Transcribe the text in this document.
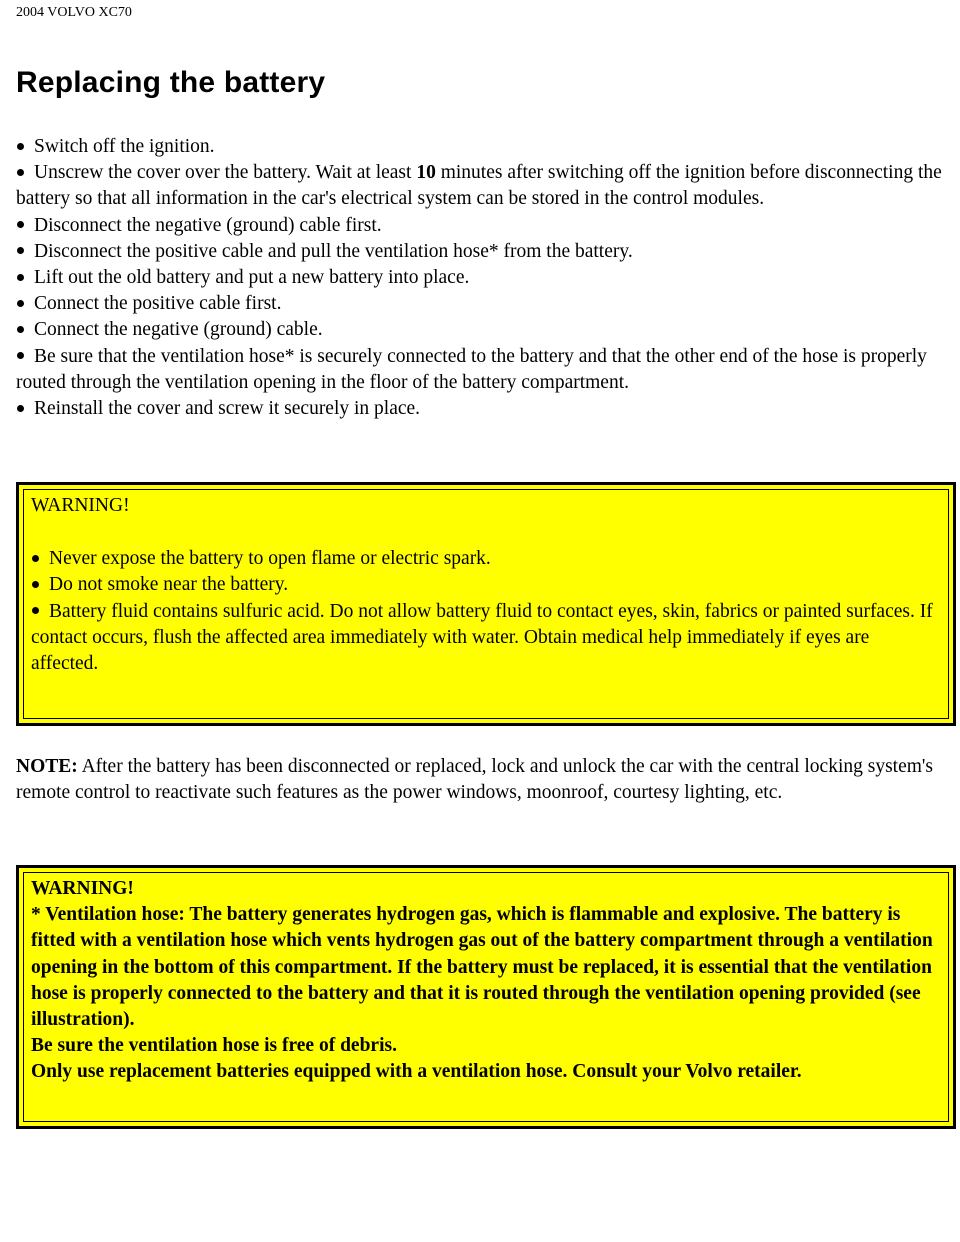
2004 VOLVO XC70
Replacing the battery
Switch off the ignition.
Unscrew the cover over the battery. Wait at least 10 minutes after switching off the ignition before disconnecting the battery so that all information in the car's electrical system can be stored in the control modules.
Disconnect the negative (ground) cable first.
Disconnect the positive cable and pull the ventilation hose* from the battery.
Lift out the old battery and put a new battery into place.
Connect the positive cable first.
Connect the negative (ground) cable.
Be sure that the ventilation hose* is securely connected to the battery and that the other end of the hose is properly routed through the ventilation opening in the floor of the battery compartment.
Reinstall the cover and screw it securely in place.
WARNING!
Never expose the battery to open flame or electric spark.
Do not smoke near the battery.
Battery fluid contains sulfuric acid. Do not allow battery fluid to contact eyes, skin, fabrics or painted surfaces. If contact occurs, flush the affected area immediately with water. Obtain medical help immediately if eyes are affected.
NOTE: After the battery has been disconnected or replaced, lock and unlock the car with the central locking system's remote control to reactivate such features as the power windows, moonroof, courtesy lighting, etc.
WARNING!
* Ventilation hose: The battery generates hydrogen gas, which is flammable and explosive. The battery is fitted with a ventilation hose which vents hydrogen gas out of the battery compartment through a ventilation opening in the bottom of this compartment. If the battery must be replaced, it is essential that the ventilation hose is properly connected to the battery and that it is routed through the ventilation opening provided (see illustration).
Be sure the ventilation hose is free of debris.
Only use replacement batteries equipped with a ventilation hose. Consult your Volvo retailer.
